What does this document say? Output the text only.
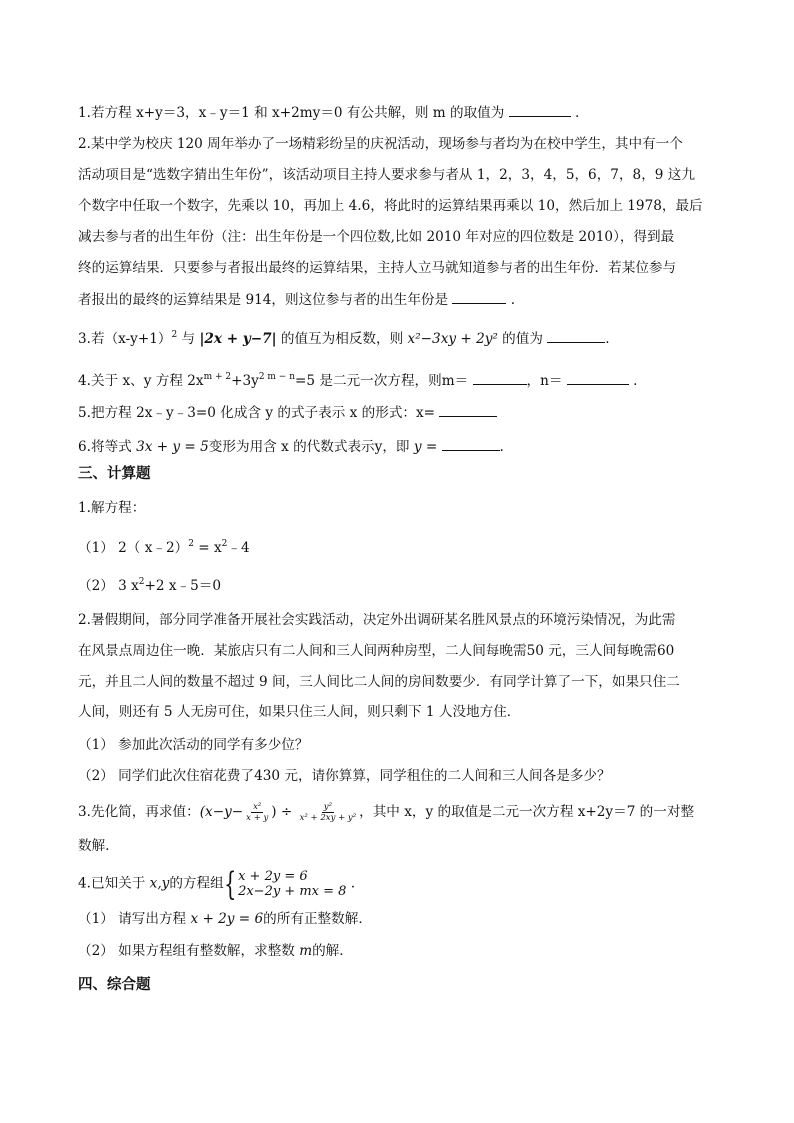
1.若方程 x+y＝3，x﹣y＝1 和 x+2my＝0 有公共解，则 m 的取值为	.
2.某中学为校庆 120 周年举办了一场精彩纷呈的庆祝活动，现场参与者均为在校中学生，其中有一个
活动项目是“选数字猜出生年份”，该活动项目主持人要求参与者从 1，2，3，4，5，6，7，8，9 这九
个数字中任取一个数字，先乘以 10，再加上 4.6，将此时的运算结果再乘以 10，然后加上 1978，最后
减去参与者的出生年份（注：出生年份是一个四位数,比如 2010 年对应的四位数是 2010），得到最
终的运算结果．只要参与者报出最终的运算结果，主持人立马就知道参与者的出生年份．若某位参与
者报出的最终的运算结果是 914，则这位参与者的出生年份是	.
3.若$(x-y+1)^2$ 与 |2x + y−7| 的值互为相反数，则 x²−3xy + 2y² 的值为	.
4.关于 x、y 方程 $2x^{m + 2}+3y^{2 m - n}=5$ 是二元一次方程，则m＝	，n＝	.
5.把方程 2x﹣y﹣3=0 化成含 y 的式子表示 x 的形式：x=
6.将等式 3x + y = 5变形为用含 x 的代数式表示y，即 y =	.
三、计算题
1.解方程：
（1） 2（ x﹣2）$^2$ = $x^2﹣4$
（2） 3 $x^2+2$ x﹣5＝0
2.暑假期间，部分同学准备开展社会实践活动，决定外出调研某名胜风景点的环境污染情况，为此需
在风景点周边住一晚．某旅店只有二人间和三人间两种房型，二人间每晚需50 元，三人间每晚需60
元，并且二人间的数量不超过 9 间，三人间比二人间的房间数要少．有同学计算了一下，如果只住二
人间，则还有 5 人无房可住，如果只住三人间，则只剩下 1 人没地方住．
（1） 参加此次活动的同学有多少位？
（2） 同学们此次住宿花费了430 元，请你算算，同学租住的二人间和三人间各是多少？
3.先化简，再求值：($x-y- \frac{\text{x²}}{x + y}$ ) ÷ $\frac{\text{y²}}{\text{x² + 2xy + y²}}$ ，其中 x，y 的取值是二元一次方程 x+2y＝7 的一对整
数解.
4.已知关于 x,y的方程组 { x + 2y = 6
2x−2y + mx = 8 .
（1） 请写出方程 x + 2y = 6的所有正整数解．
（2） 如果方程组有整数解，求整数 m的解．
四、综合题
